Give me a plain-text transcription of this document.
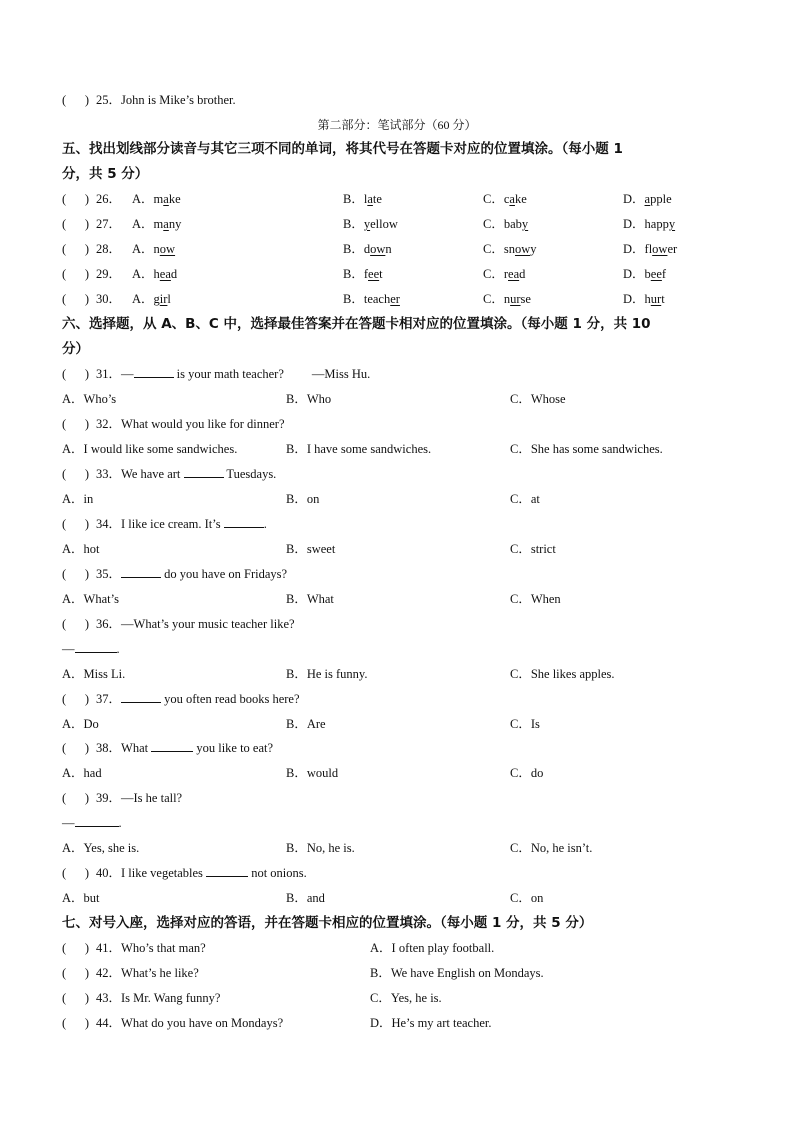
( ) 25．John is Mike’s brother.
第二部分：笔试部分（60 分）
五、找出划线部分读音与其它三项不同的单词，将其代号在答题卡对应的位置填涂。（每小题 1
分，共 5 分）
(      ) 26． A．make	B．late	C．cake	D．apple
(      ) 27． A．many	B．yellow	C．baby	D．happy
(      ) 28． A．now	B．down	C．snowy	D．flower
(      ) 29． A．head	B．feet	C．read	D．beef
(      ) 30． A．girl	B．teacher	C．nurse	D．hurt
六、选择题，从 A、B、C 中，选择最佳答案并在答题卡相对应的位置填涂。（每小题 1 分，共 10
分）
(      ) 31．—	is your math teacher? —Miss Hu.
A．Who’s	B．Who	C．Whose
(      ) 32．What would you like for dinner?
A．I would like some sandwiches.	B．I have some sandwiches.	C．She has some sandwiches.
(      ) 33．We have art	Tuesdays.
A．in	B．on	C．at
(      ) 34．I like ice cream. It’s	.
A．hot	B．sweet	C．strict
(      ) 35．	do you have on Fridays?
A．What’s	B．What	C．When
(      ) 36．—What’s your music teacher like?
—	.
A．Miss Li.	B．He is funny.	C．She likes apples.
(      ) 37．	you often read books here?
A．Do	B．Are	C．Is
(      ) 38．What	you like to eat?
A．had	B．would	C．do
(      ) 39．—Is he tall?
—	.
A．Yes, she is.	B．No, he is.	C．No, he isn’t.
(      ) 40．I like vegetables	not onions.
A．but	B．and	C．on
七、对号入座，选择对应的答语，并在答题卡相应的位置填涂。（每小题 1 分，共 5 分）
(      ) 41．Who’s that man?	A．I often play football.
(      ) 42．What’s he like?	B．We have English on Mondays.
(      ) 43．Is Mr. Wang funny?	C．Yes, he is.
(      ) 44．What do you have on Mondays?	D．He’s my art teacher.
